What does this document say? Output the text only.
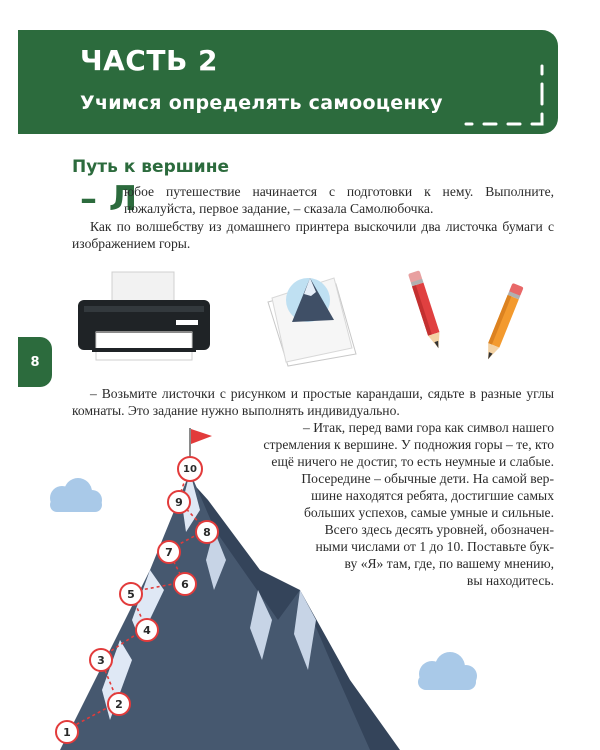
ЧАСТЬ 2
Учимся определять самооценку
Путь к вершине
– Л

юбое путешествие начинается с подготовки к нему. Выполните,

пожалуйста, первое задание, – сказала Самолюбочка.

Как по волшебству из домашнего принтера выскочили два листочка бумаги с изображением горы.

8

– Возьмите листочки с рисунком и простые карандаши, сядьте в разные углы комнаты. Это задание нужно выполнять индивидуально.

– Итак, перед вами гора как символ нашего
стремления к вершине. У подножия горы – те, кто
ещё ничего не достиг, то есть неумные и слабые.
Посередине – обычные дети. На самой вер-
шине находятся ребята, достигшие самых
больших успехов, самые умные и сильные.
Всего здесь десять уровней, обозначен-
ными числами от 1 до 10. Поставьте бук-
ву «Я» там, где, по вашему мнению,
вы находитесь.
1
2
3
4
5
6
7
8
9
10
